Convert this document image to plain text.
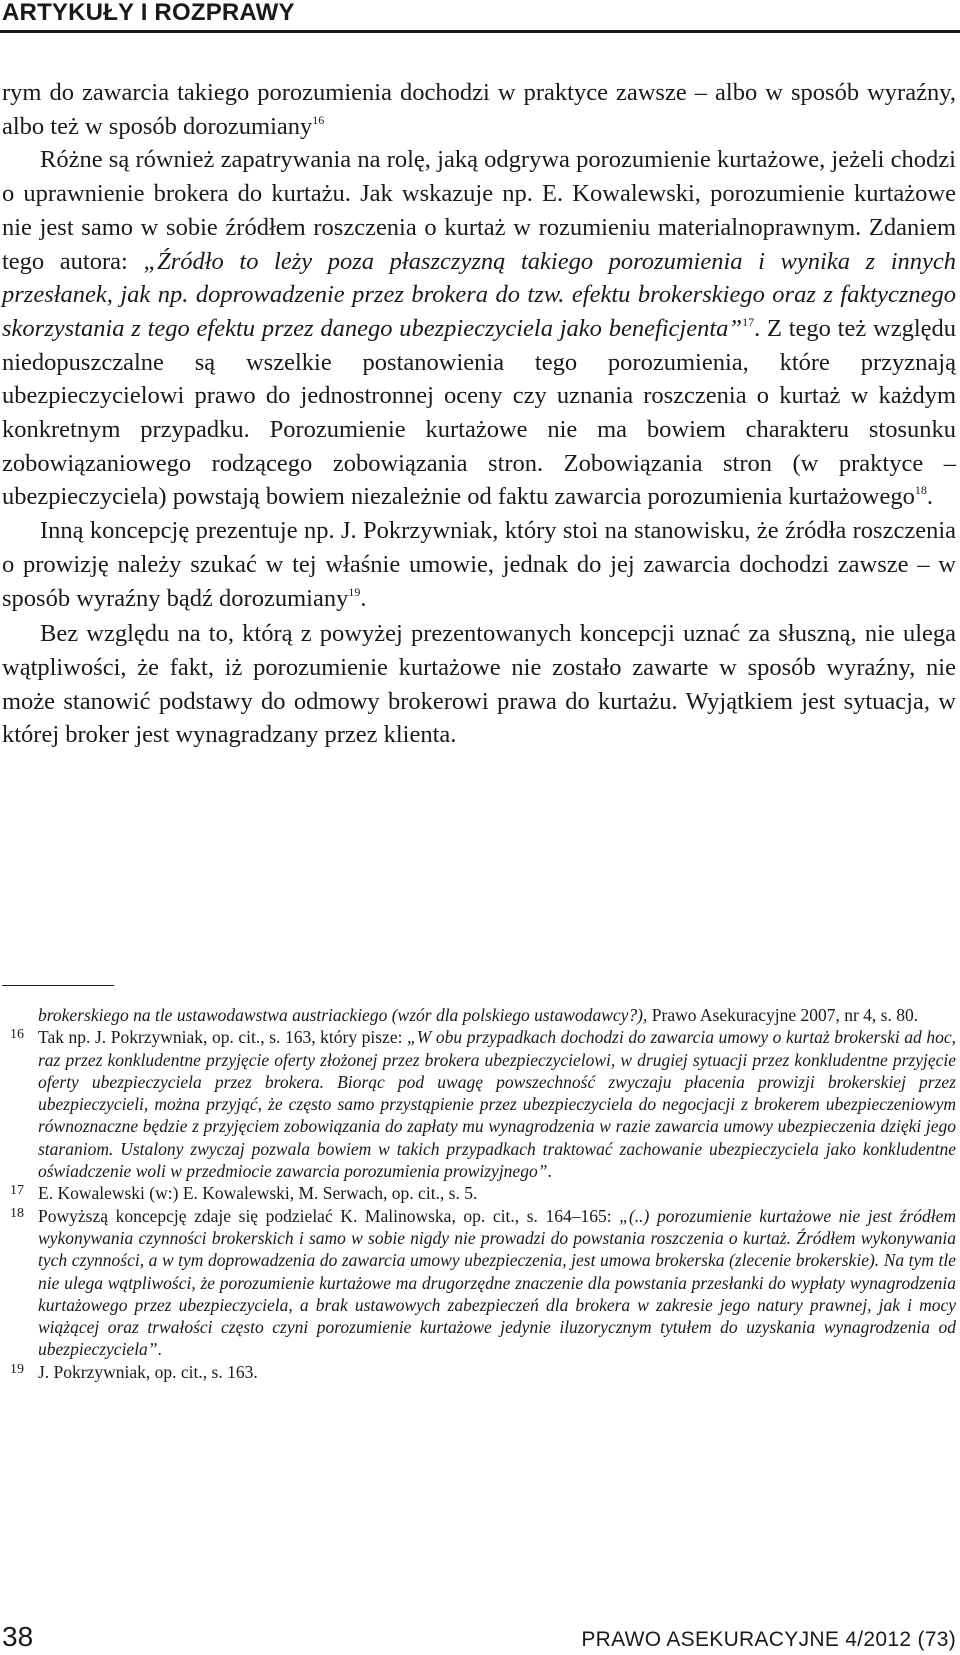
ARTYKUŁY I ROZPRAWY

rym do zawarcia takiego porozumienia dochodzi w praktyce zawsze – albo w sposób wyraźny, albo też w sposób dorozumiany$^{16}$

Różne są również zapatrywania na rolę, jaką odgrywa porozumienie kurtażowe, jeżeli chodzi o uprawnienie brokera do kurtażu. Jak wskazuje np. E. Kowalewski, porozumienie kurtażowe nie jest samo w sobie źródłem roszczenia o kurtaż w rozumieniu materialnoprawnym. Zdaniem tego autora: „Źródło to leży poza płaszczyzną takiego porozumienia i wynika z innych przesłanek, jak np. doprowadzenie przez brokera do tzw. efektu brokerskiego oraz z faktycznego skorzystania z tego efektu przez danego ubezpieczyciela jako beneficjenta”$^{17}$. Z tego też względu niedopuszczalne są wszelkie postanowienia tego porozumienia, które przyznają ubezpieczycielowi prawo do jednostronnej oceny czy uznania roszczenia o kurtaż w każdym konkretnym przypadku. Porozumienie kurtażowe nie ma bowiem charakteru stosunku zobowiązaniowego rodzącego zobowiązania stron. Zobowiązania stron (w praktyce – ubezpieczyciela) powstają bowiem niezależnie od faktu zawarcia porozumienia kurtażowego$^{18}$.

Inną koncepcję prezentuje np. J. Pokrzywniak, który stoi na stanowisku, że źródła roszczenia o prowizję należy szukać w tej właśnie umowie, jednak do jej zawarcia dochodzi zawsze – w sposób wyraźny bądź dorozumiany$^{19}$.

Bez względu na to, którą z powyżej prezentowanych koncepcji uznać za słuszną, nie ulega wątpliwości, że fakt, iż porozumienie kurtażowe nie zostało zawarte w sposób wyraźny, nie może stanowić podstawy do odmowy brokerowi prawa do kurtażu. Wyjątkiem jest sytuacja, w której broker jest wynagradzany przez klienta.

brokerskiego na tle ustawodawstwa austriackiego (wzór dla polskiego ustawodawcy?), Prawo Asekuracyjne 2007, nr 4, s. 80.
16 Tak np. J. Pokrzywniak, op. cit., s. 163, który pisze: „W obu przypadkach dochodzi do zawarcia umowy o kurtaż brokerski ad hoc, raz przez konkludentne przyjęcie oferty złożonej przez brokera ubezpieczycielowi, w drugiej sytuacji przez konkludentne przyjęcie oferty ubezpieczyciela przez brokera. Biorąc pod uwagę powszechność zwyczaju płacenia prowizji brokerskiej przez ubezpieczycieli, można przyjąć, że często samo przystąpienie przez ubezpieczyciela do negocjacji z brokerem ubezpieczeniowym równoznaczne będzie z przyjęciem zobowiązania do zapłaty mu wynagrodzenia w razie zawarcia umowy ubezpieczenia dzięki jego staraniom. Ustalony zwyczaj pozwala bowiem w takich przypadkach traktować zachowanie ubezpieczyciela jako konkludentne oświadczenie woli w przedmiocie zawarcia porozumienia prowizyjnego”.
17 E. Kowalewski (w:) E. Kowalewski, M. Serwach, op. cit., s. 5.
18 Powyższą koncepcję zdaje się podzielać K. Malinowska, op. cit., s. 164–165: „(..) porozumienie kurtażowe nie jest źródłem wykonywania czynności brokerskich i samo w sobie nigdy nie prowadzi do powstania roszczenia o kurtaż. Źródłem wykonywania tych czynności, a w tym doprowadzenia do zawarcia umowy ubezpieczenia, jest umowa brokerska (zlecenie brokerskie). Na tym tle nie ulega wątpliwości, że porozumienie kurtażowe ma drugorzędne znaczenie dla powstania przesłanki do wypłaty wynagrodzenia kurtażowego przez ubezpieczyciela, a brak ustawowych zabezpieczeń dla brokera w zakresie jego natury prawnej, jak i mocy wiążącej oraz trwałości często czyni porozumienie kurtażowe jedynie iluzorycznym tytułem do uzyskania wynagrodzenia od ubezpieczyciela”.
19 J. Pokrzywniak, op. cit., s. 163.
38	PRAWO ASEKURACYJNE 4/2012 (73)
